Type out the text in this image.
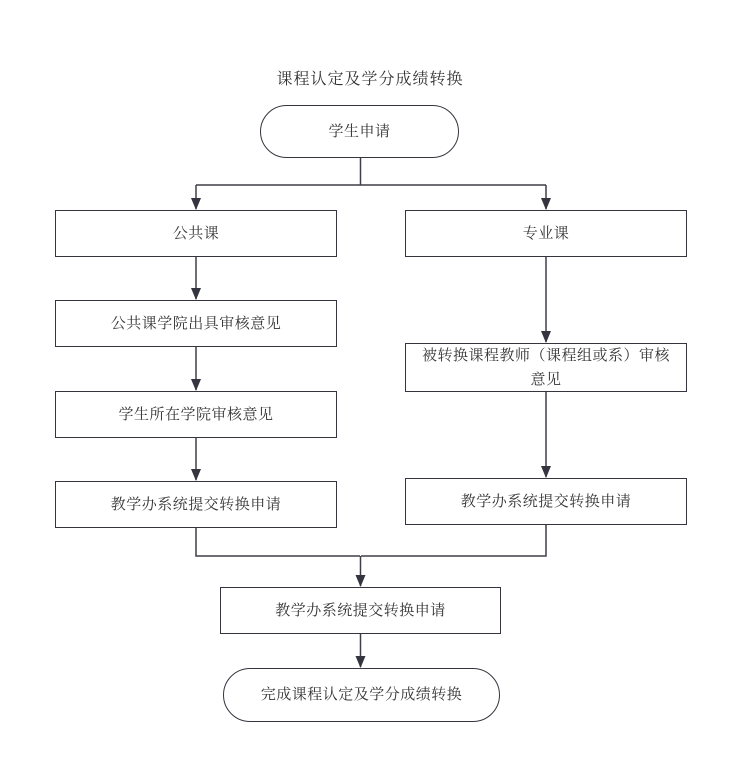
课程认定及学分成绩转换
学生申请
公共课	专业课
公共课学院出具审核意见
学生所在学院审核意见
被转换课程教师（课程组或系）审核意见
教学办系统提交转换申请	教学办系统提交转换申请
教学办系统提交转换申请
完成课程认定及学分成绩转换
